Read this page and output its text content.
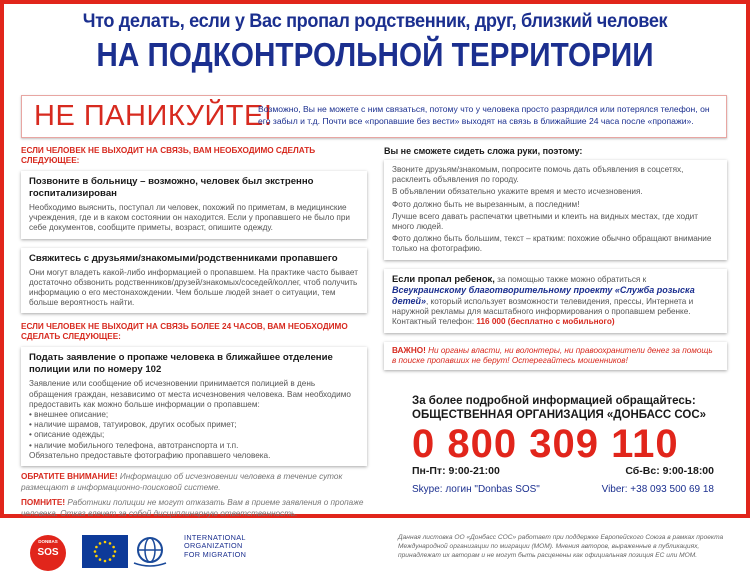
Что делать, если у Вас пропал родственник, друг, близкий человек
НА ПОДКОНТРОЛЬНОЙ ТЕРРИТОРИИ
НЕ ПАНИКУЙТЕ!
Возможно, Вы не можете с ним связаться, потому что у человека просто разрядился или потерялся телефон, он его забыл и т.д. Почти все «пропавшие без вести» выходят на связь в ближайшие 24 часа после «пропажи».
ЕСЛИ ЧЕЛОВЕК НЕ ВЫХОДИТ НА СВЯЗЬ, ВАМ НЕОБХОДИМО СДЕЛАТЬ СЛЕДУЮЩЕЕ:
Позвоните в больницу – возможно, человек был экстренно госпитализирован

Необходимо выяснить, поступал ли человек, похожий по приметам, в медицинские учреждения, где и в каком состоянии он находится. Если у пропавшего не было при себе документов, сообщите приметы, возраст, опишите одежду.

Свяжитесь с друзьями/знакомыми/родственниками пропавшего

Они могут владеть какой-либо информацией о пропавшем. На практике часто бывает достаточно обзвонить родственников/друзей/знакомых/соседей/коллег, чтоб получить информацию о его местонахождении. Чем больше людей знает о ситуации, тем больше вероятность найти.

ЕСЛИ ЧЕЛОВЕК НЕ ВЫХОДИТ НА СВЯЗЬ БОЛЕЕ 24 ЧАСОВ, ВАМ НЕОБХОДИМО СДЕЛАТЬ СЛЕДУЮЩЕЕ:
Подать заявление о пропаже человека в ближайшее отделение полиции или по номеру 102

Заявление или сообщение об исчезновении принимается полицией в день обращения граждан, независимо от места исчезновения человека. Вам необходимо предоставить как можно больше информации о пропавшем:

• внешнее описание;
• наличие шрамов, татуировок, других особых примет;
• описание одежды;
• наличие мобильного телефона, автотранспорта и т.п.

Обязательно предоставьте фотографию пропавшего человека.

ОБРАТИТЕ ВНИМАНИЕ! Информацию об исчезновении человека в течение суток размещают в информационно-поисковой системе.

ПОМНИТЕ! Работники полиции не могут отказать Вам в приеме заявления о пропаже человека. Отказ влечет за собой дисциплинарную ответственность.

Вы не сможете сидеть сложа руки, поэтому:

Звоните друзьям/знакомым, попросите помочь дать объявления в соцсетях, расклеить объявления по городу.

В объявлении обязательно укажите время и место исчезновения.

Фото должно быть не вырезанным, а последним!

Лучше всего давать распечатки цветными и клеить на видных местах, где ходит много людей.

Фото должно быть большим, текст – кратким: похожие обычно обращают внимание только на фотографию.

Если пропал ребенок, за помощью также можно обратиться к Всеукраинскому благотворительному проекту «Служба розыска детей», который использует возможности телевидения, прессы, Интернета и наружной рекламы для масштабного информирования о пропавшем ребенке. Контактный телефон: 116 000 (бесплатно с мобильного)

ВАЖНО! Ни органы власти, ни волонтеры, ни правоохранители денег за помощь в поиске пропавших не берут! Остерегайтесь мошенников!

За более подробной информацией обращайтесь:
ОБЩЕСТВЕННАЯ ОРГАНИЗАЦИЯ «ДОНБАСС СОС»
0 800 309 110
Пн-Пт: 9:00-21:00	Сб-Вс: 9:00-18:00
Skype: логин "Donbas SOS"	Viber: +38 093 500 69 18
DONBAS
SOS
INTERNATIONAL
ORGANIZATION
FOR MIGRATION
Данная листовка ОО «Донбасс СОС» работает при поддержке Европейского Союза в рамках проекта Международной организации по миграции (МОМ). Мнения авторов, выраженные в публикациях, принадлежат их авторам и не могут быть расценены как официальная позиция ЕС или МОМ.
